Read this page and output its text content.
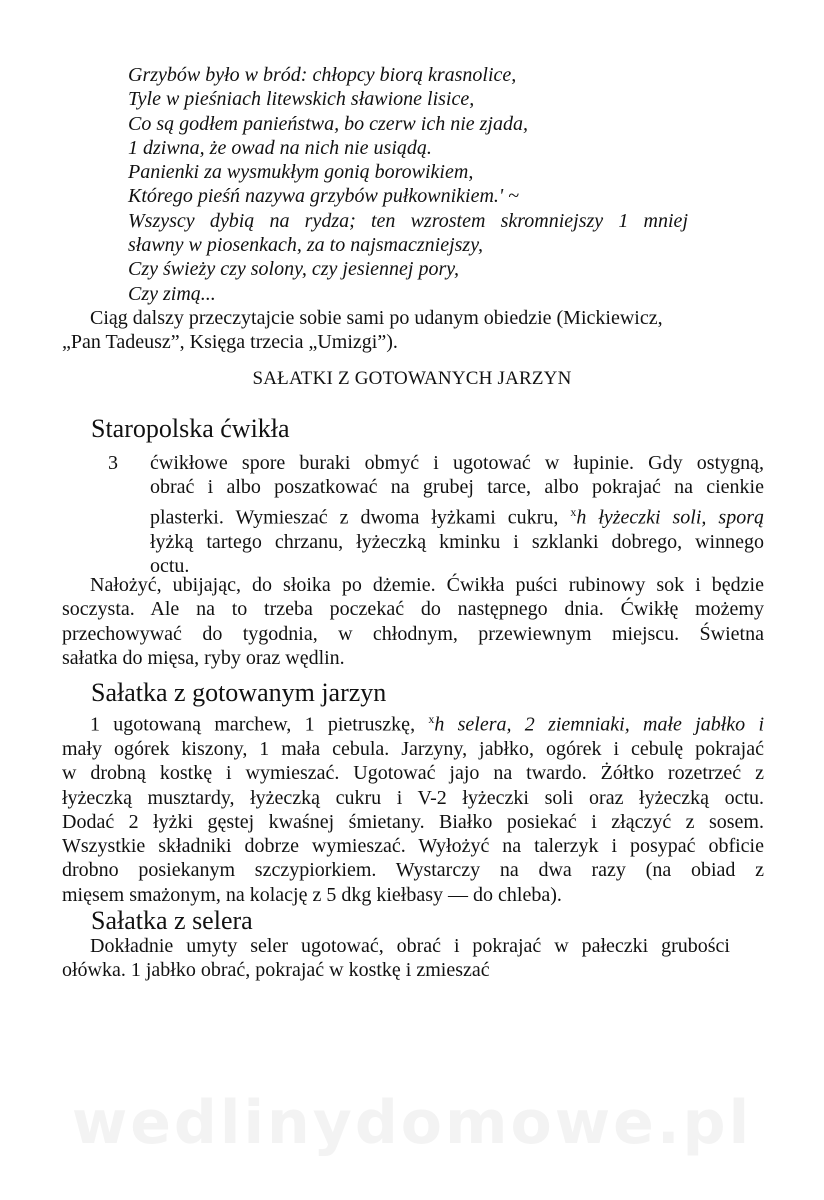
Grzybów było w bród: chłopcy biorą krasnolice,
Tyle w pieśniach litewskich sławione lisice,
Co są godłem panieństwa, bo czerw ich nie zjada,
1 dziwna, że owad na nich nie usiądą.
Panienki za wysmukłym gonią borowikiem,
Którego pieśń nazywa grzybów pułkownikiem.' ~
Wszyscy dybią na rydza; ten wzrostem skromniejszy 1 mniej
sławny w piosenkach, za to najsmaczniejszy,
Czy świeży czy solony, czy jesiennej pory,
Czy zimą...
Ciąg dalszy przeczytajcie sobie sami po udanym obiedzie (Mickiewicz,
„Pan Tadeusz”, Księga trzecia „Umizgi”).
SAŁATKI Z GOTOWANYCH JARZYN
Staropolska ćwikła
3 ćwikłowe spore buraki obmyć i ugotować w łupinie. Gdy ostygną,
obrać i albo poszatkować na grubej tarce, albo pokrajać na cienkie
plasterki. Wymieszać z dwoma łyżkami cukru, $^x$h łyżeczki soli, sporą
łyżką tartego chrzanu, łyżeczką kminku i szklanki dobrego, winnego
octu.
Nałożyć, ubijając, do słoika po dżemie. Ćwikła puści rubinowy sok i będzie
soczysta. Ale na to trzeba poczekać do następnego dnia. Ćwikłę możemy
przechowywać do tygodnia, w chłodnym, przewiewnym miejscu. Świetna
sałatka do mięsa, ryby oraz wędlin.
Sałatka z gotowanym jarzyn
1 ugotowaną marchew, 1 pietruszkę, $^x$h selera, 2 ziemniaki, małe jabłko i
mały ogórek kiszony, 1 mała cebula. Jarzyny, jabłko, ogórek i cebulę pokrajać
w drobną kostkę i wymieszać. Ugotować jajo na twardo. Żółtko rozetrzeć z
łyżeczką musztardy, łyżeczką cukru i V-2 łyżeczki soli oraz łyżeczką octu.
Dodać 2 łyżki gęstej kwaśnej śmietany. Białko posiekać i złączyć z sosem.
Wszystkie składniki dobrze wymieszać. Wyłożyć na talerzyk i posypać obficie
drobno posiekanym szczypiorkiem. Wystarczy na dwa razy (na obiad z
mięsem smażonym, na kolację z 5 dkg kiełbasy — do chleba).
Sałatka z selera
Dokładnie umyty seler ugotować, obrać i pokrajać w pałeczki grubości
ołówka. 1 jabłko obrać, pokrajać w kostkę i zmieszać
wedlinydomowe.pl
